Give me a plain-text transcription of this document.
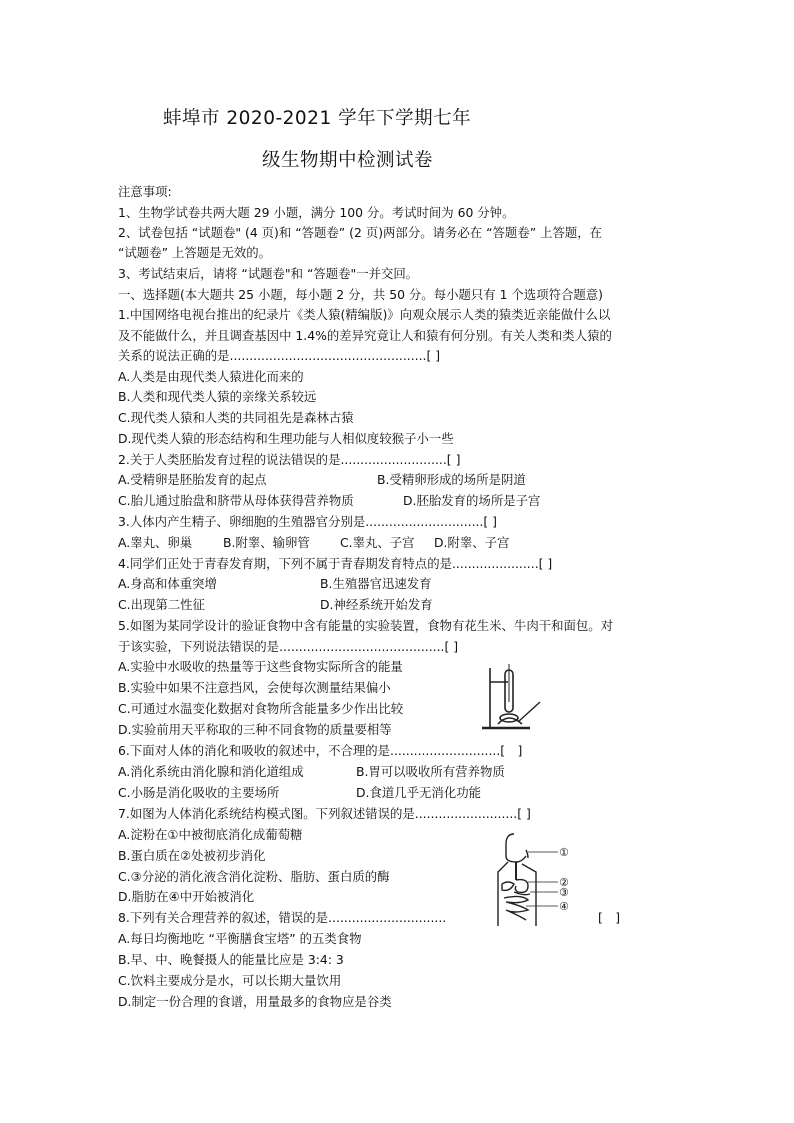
蚌埠市 2020-2021 学年下学期七年
级生物期中检测试卷
注意事项:
1、生物学试卷共两大题 29 小题，满分 100 分。考试时间为 60 分钟。
2、试卷包括 “试题卷" (4 页)和 “答题卷” (2 页)两部分。请务必在 “答题卷” 上答题，在
“试题卷” 上答题是无效的。
3、考试结束后，请将 “试题卷"和 “答题卷"一并交回。
一、选择题(本大题共 25 小题，每小题 2 分，共 50 分。每小题只有 1 个选项符合题意)
1.中国网络电视台推出的纪录片《类人猿(精编版)》向观众展示人类的猿类近亲能做什么以
及不能做什么，并且调查基因中 1.4%的差异究竟让人和猿有何分别。有关人类和类人猿的
关系的说法正确的是..................................................[ ]
A.人类是由现代类人猿进化而来的
B.人类和现代类人猿的亲缘关系较远
C.现代类人猿和人类的共同祖先是森林古猿
D.现代类人猿的形态结构和生理功能与人相似度较猴子小一些
2.关于人类胚胎发育过程的说法错误的是...........................[ ]
A.受精卵是胚胎发育的起点	B.受精卵形成的场所是阴道
C.胎儿通过胎盘和脐带从母体获得营养物质	D.胚胎发育的场所是子宫
3.人体内产生精子、卵细胞的生殖器官分别是..............................[ ]
A.睾丸、卵巢 B.附睾、输卵管 C.睾丸、子宫 D.附睾、子宫
4.同学们正处于青春发育期，下列不属于青春期发育特点的是......................[ ]
A.身高和体重突增	B.生殖器官迅速发育
C.出现第二性征	D.神经系统开始发育
5.如图为某同学设计的验证食物中含有能量的实验装置，食物有花生米、牛肉干和面包。对
于该实验，下列说法错误的是..........................................[ ]
A.实验中水吸收的热量等于这些食物实际所含的能量
B.实验中如果不注意挡风，会使每次测量结果偏小
C.可通过水温变化数据对食物所含能量多少作出比较
D.实验前用天平称取的三种不同食物的质量要相等
6.下面对人体的消化和吸收的叙述中，不合理的是............................[　]
A.消化系统由消化腺和消化道组成	B.胃可以吸收所有营养物质
C.小肠是消化吸收的主要场所	D.食道几乎无消化功能
7.如图为人体消化系统结构模式图。下列叙述错误的是..........................[ ]
A.淀粉在①中被彻底消化成葡萄糖
B.蛋白质在②处被初步消化
C.③分泌的消化液含消化淀粉、脂肪、蛋白质的酶
D.脂肪在④中开始被消化
①
②
③
④
8.下列有关合理营养的叙述，错误的是..............................	[　]
A.每日均衡地吃 “平衡膳食宝塔” 的五类食物
B.早、中、晚餐摄人的能量比应是 3:4: 3
C.饮料主要成分是水，可以长期大量饮用
D.制定一份合理的食谱，用量最多的食物应是谷类
